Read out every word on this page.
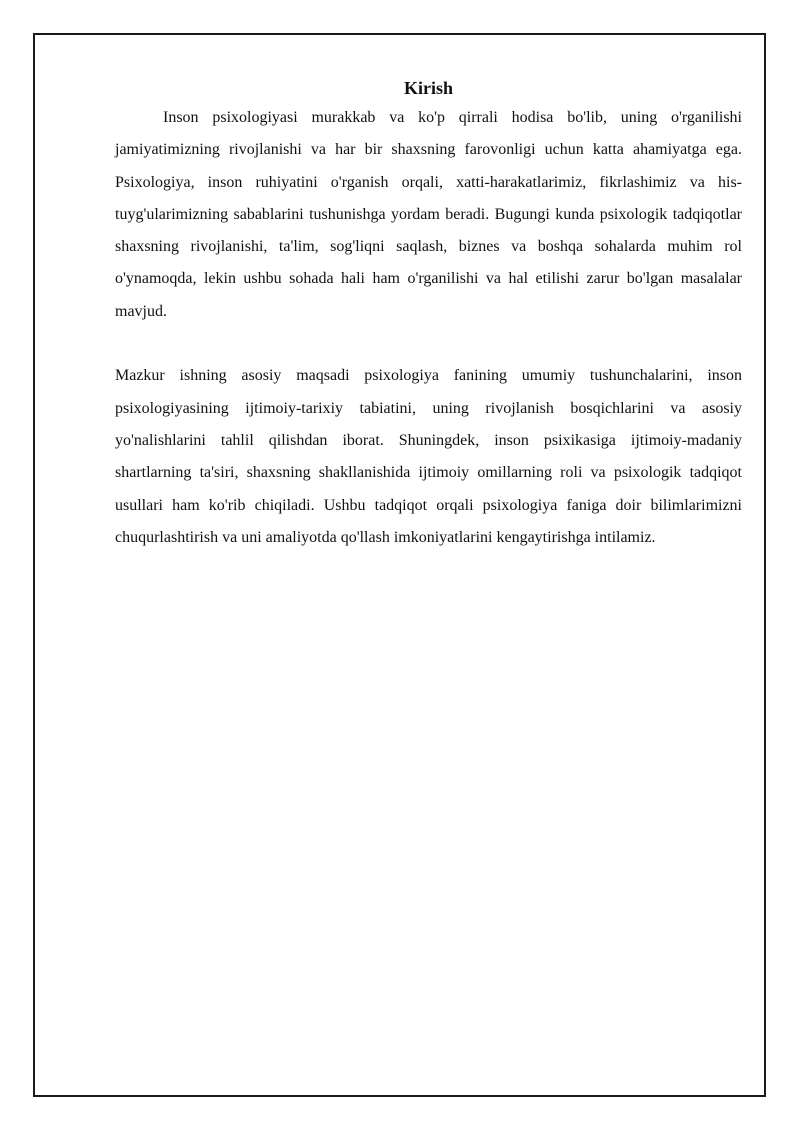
Kirish

Inson psixologiyasi murakkab va ko'p qirrali hodisa bo'lib, uning o'rganilishi jamiyatimizning rivojlanishi va har bir shaxsning farovonligi uchun katta ahamiyatga ega. Psixologiya, inson ruhiyatini o'rganish orqali, xatti-harakatlarimiz, fikrlashimiz va his-tuyg'ularimizning sabablarini tushunishga yordam beradi. Bugungi kunda psixologik tadqiqotlar shaxsning rivojlanishi, ta'lim, sog'liqni saqlash, biznes va boshqa sohalarda muhim rol o'ynamoqda, lekin ushbu sohada hali ham o'rganilishi va hal etilishi zarur bo'lgan masalalar mavjud.

Mazkur ishning asosiy maqsadi psixologiya fanining umumiy tushunchalarini, inson psixologiyasining ijtimoiy-tarixiy tabiatini, uning rivojlanish bosqichlarini va asosiy yo'nalishlarini tahlil qilishdan iborat. Shuningdek, inson psixikasiga ijtimoiy-madaniy shartlarning ta'siri, shaxsning shakllanishida ijtimoiy omillarning roli va psixologik tadqiqot usullari ham ko'rib chiqiladi. Ushbu tadqiqot orqali psixologiya faniga doir bilimlarimizni chuqurlashtirish va uni amaliyotda qo'llash imkoniyatlarini kengaytirishga intilamiz.
